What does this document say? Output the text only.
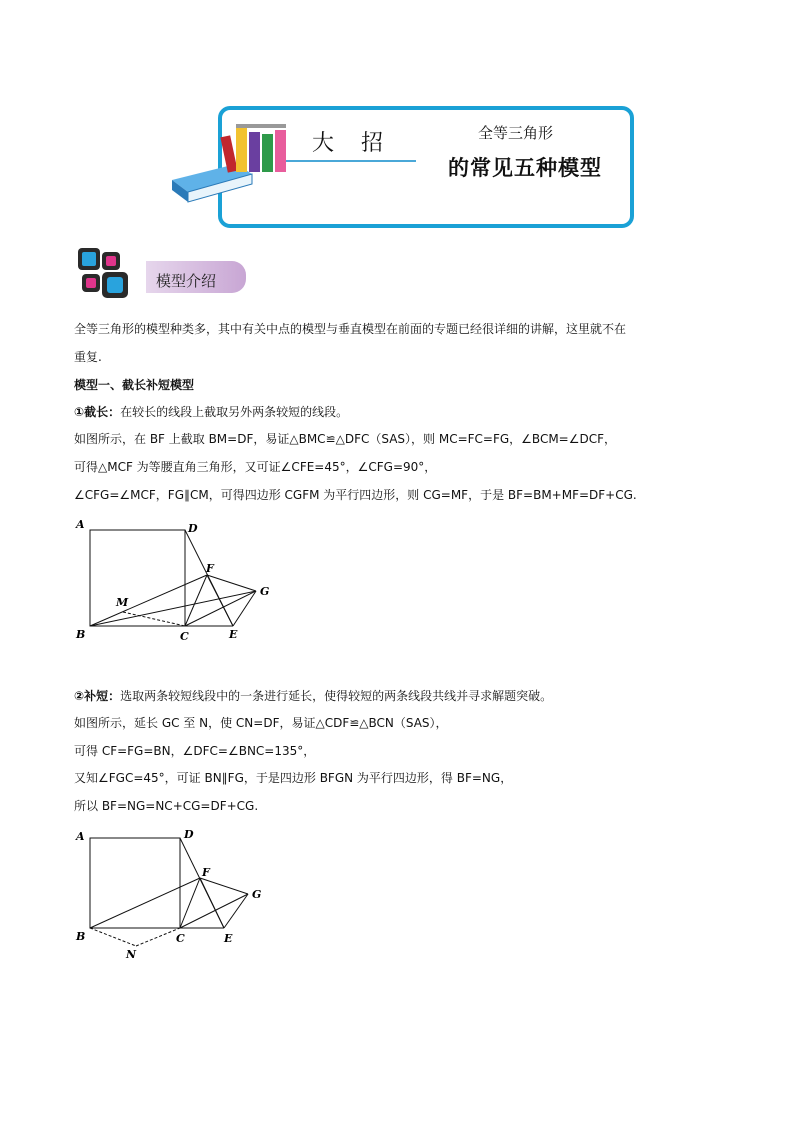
大 招	全等三角形
的常见五种模型
模型介绍
全等三角形的模型种类多，其中有关中点的模型与垂直模型在前面的专题已经很详细的讲解，这里就不在
重复.
模型一、截长补短模型
①截长：在较长的线段上截取另外两条较短的线段。
如图所示，在 BF 上截取 BM=DF，易证△BMC≌△DFC（SAS），则 MC=FC=FG，∠BCM=∠DCF，
可得△MCF 为等腰直角三角形，又可证∠CFE=45°，∠CFG=90°，
∠CFG=∠MCF，FG∥CM，可得四边形 CGFM 为平行四边形，则 CG=MF，于是 BF=BM+MF=DF+CG.
A	D
F
G
M
B	C	E
②补短：选取两条较短线段中的一条进行延长，使得较短的两条线段共线并寻求解题突破。
如图所示，延长 GC 至 N，使 CN=DF，易证△CDF≌△BCN（SAS），
可得 CF=FG=BN，∠DFC=∠BNC=135°，
又知∠FGC=45°，可证 BN∥FG，于是四边形 BFGN 为平行四边形，得 BF=NG，
所以 BF=NG=NC+CG=DF+CG.
A	D
F
G
B	C	E
N
